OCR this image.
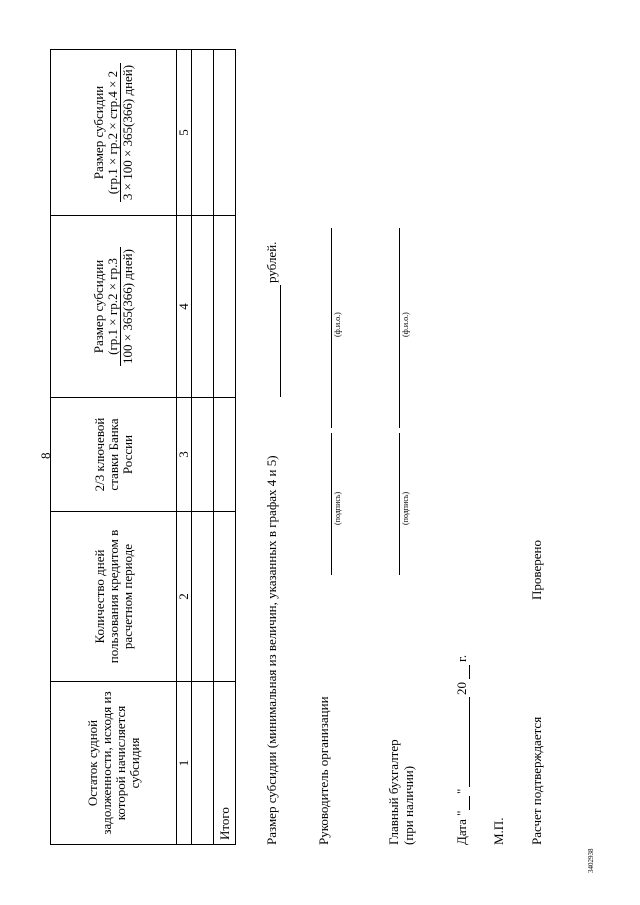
8
Остаток судной задолженности, исходя из которой начисляется субсидия	Количество дней пользования кредитом в расчетном периоде	2/3 ключевой ставки Банка России	Размер субсидии (гр.1 × гр.2 × гр.3 100 × 365(366) дней)	Размер субсидии (гр.1 × гр.2 × стр.4 × 2 3 × 100 × 365(366) дней)

1	2	3	4	5

Итого					Размер субсидии (минимальная из величин, указанных в графах 4 и 5)
рублей.
Руководитель организации
(подпись)
(ф.и.о.)
Главный бухгалтер (при наличии)
(подпись)
(ф.и.о.)
Дата "
"
20
г.
М.П. Расчет подтверждается
Проверено
3402938
